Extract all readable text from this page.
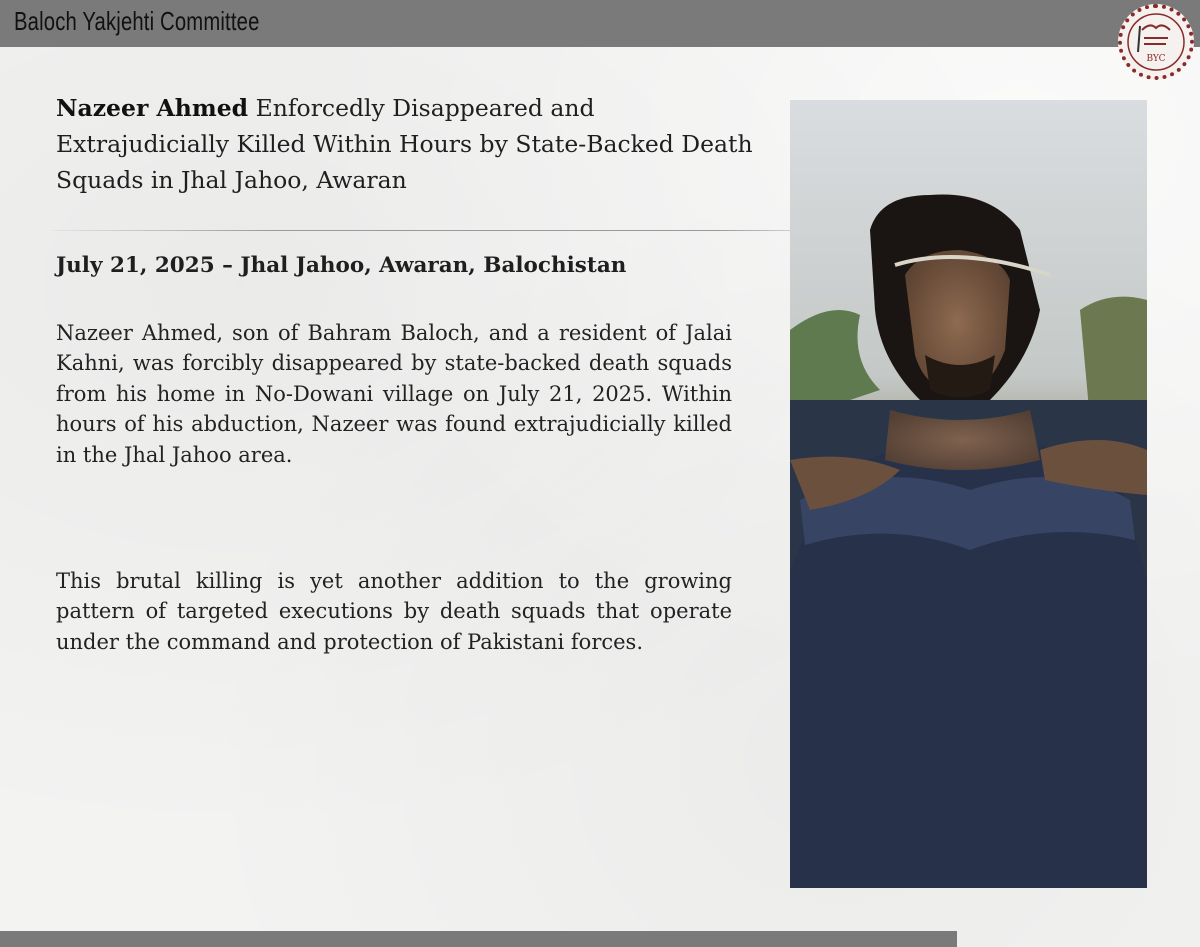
Baloch Yakjehti Committee
BYC
Nazeer Ahmed Enforcedly Disappeared and Extrajudicially Killed Within Hours by State-Backed Death Squads in Jhal Jahoo, Awaran

July 21, 2025 – Jhal Jahoo, Awaran, Balochistan

Nazeer Ahmed, son of Bahram Baloch, and a resident of Jalai Kahni, was forcibly disappeared by state-backed death squads from his home in No-Dowani village on July 21, 2025. Within hours of his abduction, Nazeer was found extrajudicially killed in the Jhal Jahoo area.

This brutal killing is yet another addition to the growing pattern of targeted executions by death squads that operate under the command and protection of Pakistani forces.
